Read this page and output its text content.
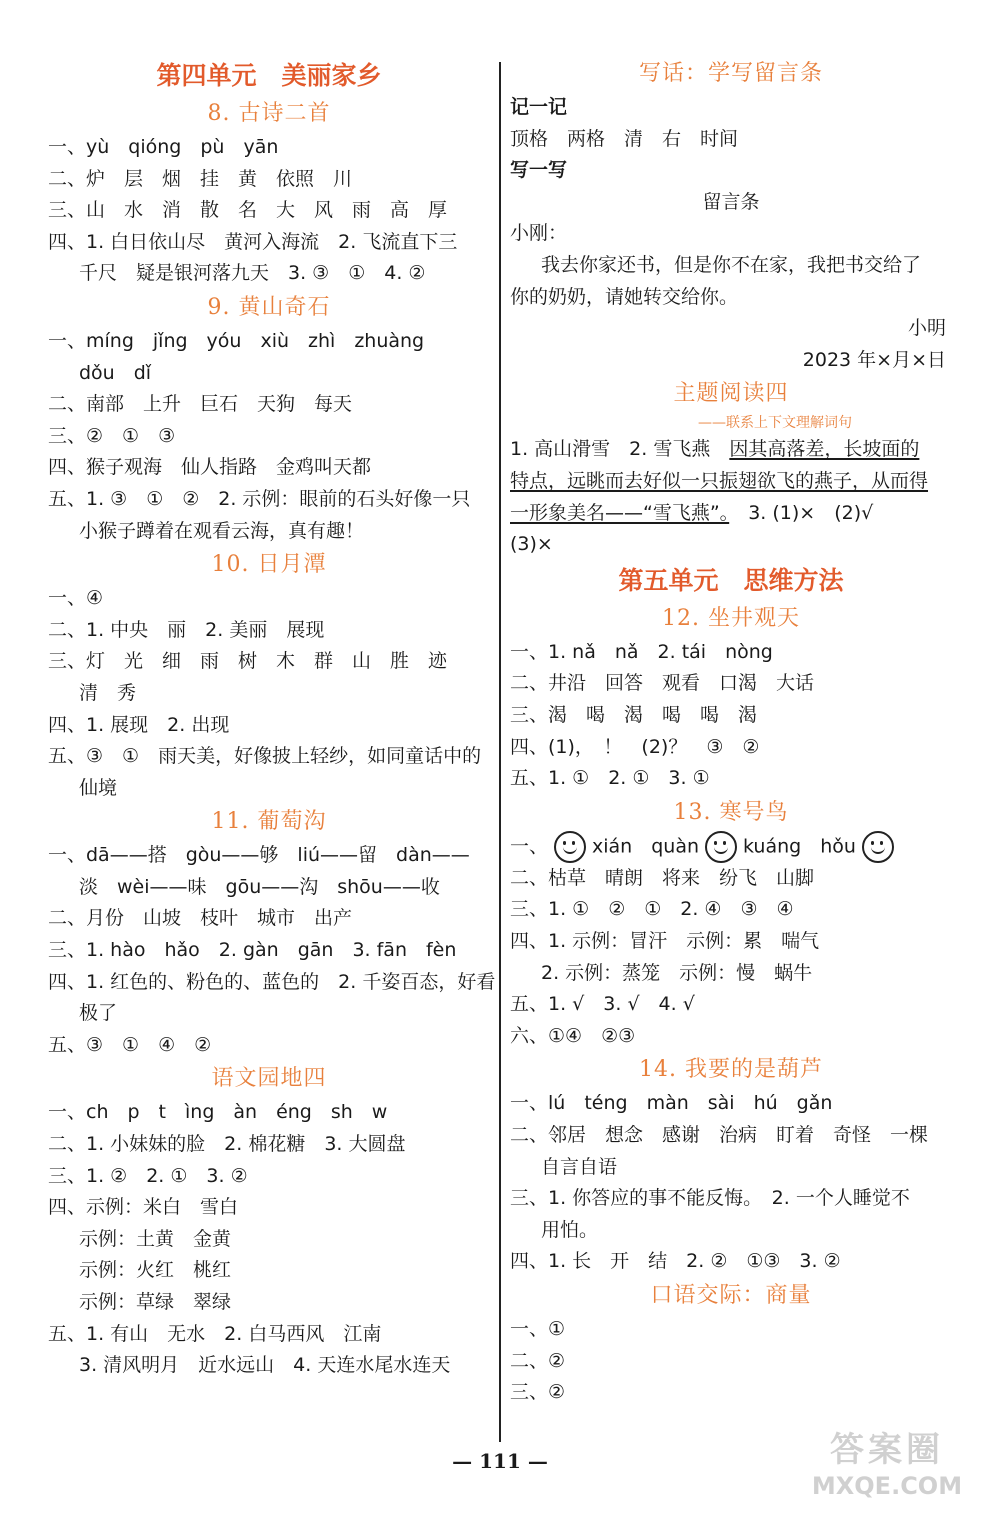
第四单元　美丽家乡
8. 古诗二首
一、yù　qióng　pù　yān
二、炉　层　烟　挂　黄　依照　川
三、山　水　消　散　名　大　风　雨　高　厚
四、1. 白日依山尽　黄河入海流　2. 飞流直下三
千尺　疑是银河落九天　3. ③　①　4. ②
9. 黄山奇石
一、míng　jǐng　yóu　xiù　zhì　zhuàng
dǒu　dǐ
二、南部　上升　巨石　天狗　每天
三、②　①　③
四、猴子观海　仙人指路　金鸡叫天都
五、1. ③　①　②　2. 示例：眼前的石头好像一只
小猴子蹲着在观看云海，真有趣！
10. 日月潭
一、④
二、1. 中央　丽　2. 美丽　展现
三、灯　光　细　雨　树　木　群　山　胜　迹
清　秀
四、1. 展现　2. 出现
五、③　①　雨天美，好像披上轻纱，如同童话中的
仙境
11. 葡萄沟
一、dā——搭　gòu——够　liú——留　dàn——
淡　wèi——味　gōu——沟　shōu——收
二、月份　山坡　枝叶　城市　出产
三、1. hào　hǎo　2. gàn　gān　3. fān　fèn
四、1. 红色的、粉色的、蓝色的　2. 千姿百态，好看
极了
五、③　①　④　②
语文园地四
一、ch　p　t　ìng　àn　éng　sh　w
二、1. 小妹妹的脸　2. 棉花糖　3. 大圆盘
三、1. ②　2. ①　3. ②
四、示例：米白　雪白
示例：土黄　金黄
示例：火红　桃红
示例：草绿　翠绿
五、1. 有山　无水　2. 白马西风　江南
3. 清风明月　近水远山　4. 天连水尾水连天
写话：学写留言条
记一记
顶格　两格　清　右　时间
写一写
留言条
小刚：
我去你家还书，但是你不在家，我把书交给了
你的奶奶，请她转交给你。
小明
2023 年×月×日
主题阅读四
——联系上下文理解词句
1. 高山滑雪　2. 雪飞燕　因其高落差，长坡面的
特点，远眺而去好似一只振翅欲飞的燕子，从而得
一形象美名——“雪飞燕”。　3. (1)×　(2)√
(3)×
第五单元　思维方法
12. 坐井观天
一、1. nǎ　nǎ　2. tái　nòng
二、井沿　回答　观看　口渴　大话
三、渴　喝　渴　喝　喝　渴
四、(1)，　！　(2)？　③　②
五、1. ①　2. ①　3. ①
13. 寒号鸟
一、 xián　quàn kuáng　hǒu
二、枯草　晴朗　将来　纷飞　山脚
三、1. ①　②　①　2. ④　③　④
四、1. 示例：冒汗　示例：累　喘气
2. 示例：蒸笼　示例：慢　蜗牛
五、1. √　3. √　4. √
六、①④　②③
14. 我要的是葫芦
一、lú　téng　màn　sài　hú　gǎn
二、邻居　想念　感谢　治病　盯着　奇怪　一棵
自言自语
三、1. 你答应的事不能反悔。　2. 一个人睡觉不
用怕。
四、1. 长　开　结　2. ②　①③　3. ②
口语交际：商量
一、①
二、②
三、②
— 111 —	答案圈
MXQE.COM
